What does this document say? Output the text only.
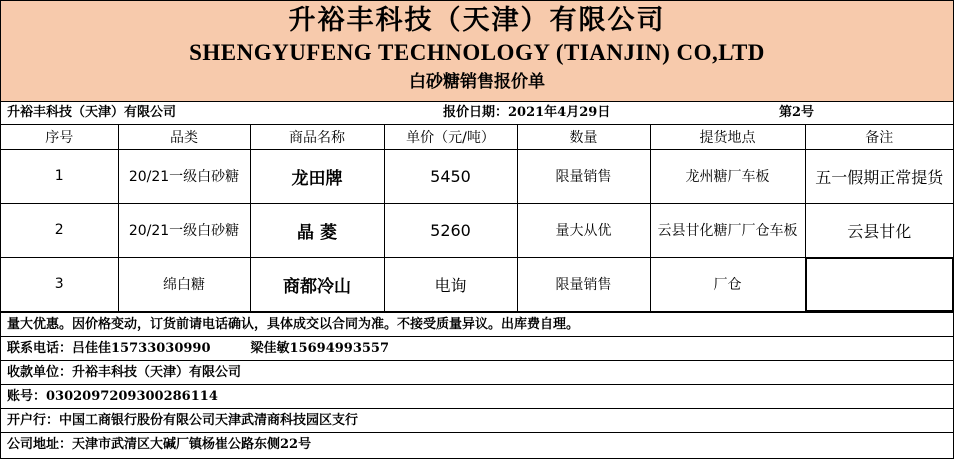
升裕丰科技（天津）有限公司
SHENGYUFENG TECHNOLOGY (TIANJIN) CO,LTD
白砂糖销售报价单
升裕丰科技（天津）有限公司	报价日期：2021年4月29日	第2号
序号	品类	商品名称	单价（元/吨）	数量	提货地点	备注
1	20/21一级白砂糖	龙田牌	5450	限量销售	龙州糖厂车板	五一假期正常提货
2	20/21一级白砂糖	晶 菱	5260	量大从优	云县甘化糖厂厂仓车板	云县甘化
3	绵白糖	商都冷山	电询	限量销售	厂仓	
量大优惠。因价格变动，订货前请电话确认，具体成交以合同为准。不接受质量异议。出库费自理。
联系电话：吕佳佳15733030990	梁佳敏15694993557
收款单位：升裕丰科技（天津）有限公司
账号：0302097209300286114
开户行：中国工商银行股份有限公司天津武清商科技园区支行
公司地址：天津市武清区大碱厂镇杨崔公路东侧22号
